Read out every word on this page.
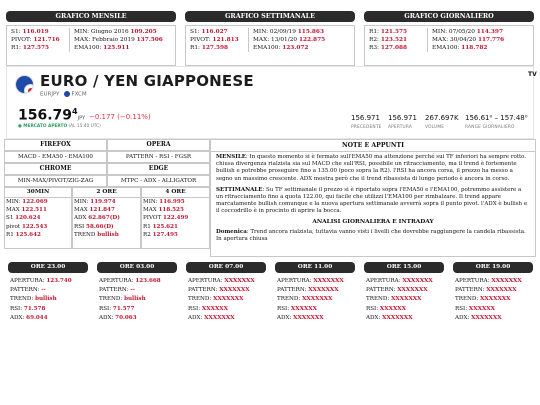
GRAFICO MENSILE
S1: 116.019
PIVOT: 121.716
R1: 127.575
MIN: Giugno 2016 109.205
MAX: Febbraio 2019 137.506
EMA100: 125.911
GRAFICO SETTIMANALE
S1: 116.027
PIVOT: 121.813
R1: 127.598
MIN: 02/09/19 115.863
MAX: 13/01/20 122.875
EMA100: 123.072
GRAFICO GIORNALIERO
R1: 121.575
R2: 123.521
R3: 127.088
MIN: 07/05/20 114.397
MAX: 30/04/20 117.776
EMA100: 118.782
EURO / YEN GIAPPONESE
EURJPY FXCM
TV
$156.79^4JPY -0.177$ (−0.11%)
● MERCATO APERTO (AL 15:40 UTC)
156.971
PRECEDENTE
156.971
APERTURA
267.697K
VOLUME
156.61⁰ – 157.48⁰
RANGE GIORNALIERO
FIREFOX	OPERA
MACD - EMA50 - EMA100	PATTERN - RSI - FGSR
CHROME	EDGE
MIN-MAX/PIVOT/ZIG-ZAG	MTPC - ADX - ALLIGATOR
30MIN
MIN: 122.069
MAX 122.511
S1 120.624
pivot 122.543
R1 125.642
2 ORE
MIN: 119.974
MAX 121.847
ADX 62.867(D)
RSI 58.66(D)
TREND bullish
4 ORE
MIN: 116.995
MAX 118.525
PIVOT 122.499
R1 125.621
R2 127.495
NOTE E APPUNTI

MENSILE: In questo momento si è fermato sull'EMA50 ma attenzione perché sui TF inferiori ha sempre rotto. chiusa divergenza rialzista sia sul MACD che sull'RSI, possibile un ritracciamento, ma il trend è fortemente bullish e potrebbe proseguire fino a 135.00 (poco sopra la R2). l'RSI ha ancora corsa, il prezzo ha messo a segno un massimo crescente. ADX mostra però che il trend ribassista di lungo periodo è ancora in corso.

SETTIMANALE: Su TF settimanale il prezzo si è riportato sopra l'EMA50 e l'EMA100, potremmo assistere a un ritracciamento fino a quota 122.00, qui facile che utilizzi l'EMA100 per rimbalzare. Il trend appare marcatamente bullish comunque e la nuova apertura settimanale avverrà sopra il punto pivot. l'ADX è bullish e il coccodrillo è in procinto di aprire la bocca.

ANALISI GIORNALIERA E INTRADAY

Domenica: Trend ancora rialzista, tuttavia vanno visti i livelli che dovrebbe raggiungere la candela ribassista. In apertura chiusa

ORE 23.00
APERTURA: 123.740
PATTERN: --
TREND: bullish
RSI: 71.578
ADX: 69.044
ORE 03.00
APERTURA: 123.668
PATTERN: --
TREND: bullish
RSI: 71.577
ADX: 70.063
ORE 07.00
APERTURA: XXXXXXX
PATTERN: XXXXXXX
TREND: XXXXXXX
RSI: XXXXXX
ADX: XXXXXXX
ORE 11.00
APERTURA: XXXXXXX
PATTERN: XXXXXXX
TREND: XXXXXXX
RSI: XXXXXX
ADX: XXXXXXX
ORE 15.00
APERTURA: XXXXXXX
PATTERN: XXXXXXX
TREND: XXXXXXX
RSI: XXXXXX
ADX: XXXXXXX
ORE 19.00
APERTURA: XXXXXXX
PATTERN: XXXXXXX
TREND: XXXXXXX
RSI: XXXXXX
ADX: XXXXXXX
